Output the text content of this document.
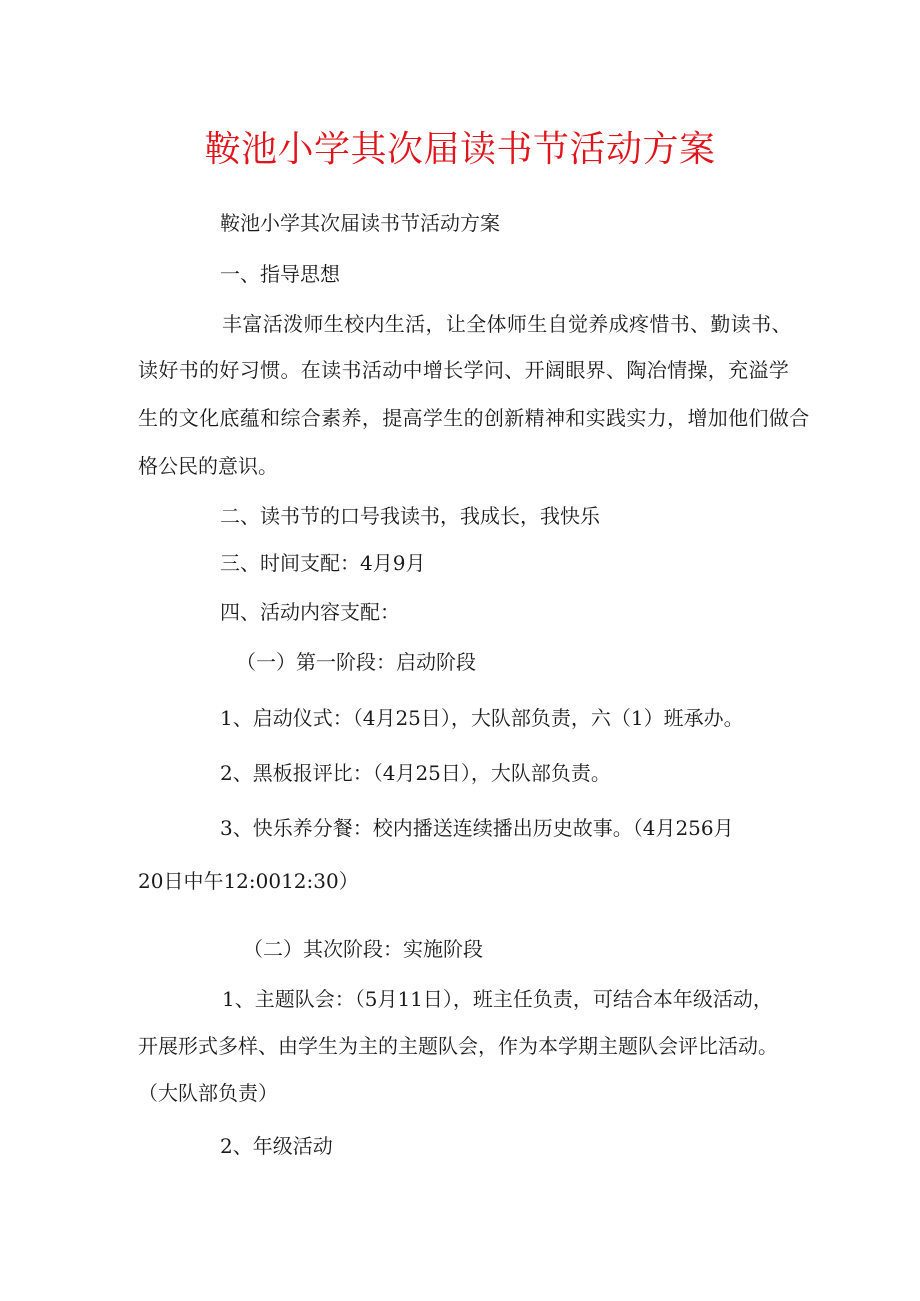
鞍池小学其次届读书节活动方案
鞍池小学其次届读书节活动方案
一、指导思想
丰富活泼师生校内生活，让全体师生自觉养成疼惜书、勤读书、
读好书的好习惯。在读书活动中增长学问、开阔眼界、陶冶情操，充溢学
生的文化底蕴和综合素养，提高学生的创新精神和实践实力，增加他们做合
格公民的意识。
二、读书节的口号我读书，我成长，我快乐
三、时间支配：4月9月
四、活动内容支配：
（一）第一阶段：启动阶段
1、启动仪式：（4月25日），大队部负责，六（1）班承办。
2、黑板报评比：（4月25日），大队部负责。
3、快乐养分餐：校内播送连续播出历史故事。（4月256月
20日中午12:0012:30）
（二）其次阶段：实施阶段
1、主题队会：（5月11日），班主任负责，可结合本年级活动，
开展形式多样、由学生为主的主题队会，作为本学期主题队会评比活动。
（大队部负责）
2、年级活动
